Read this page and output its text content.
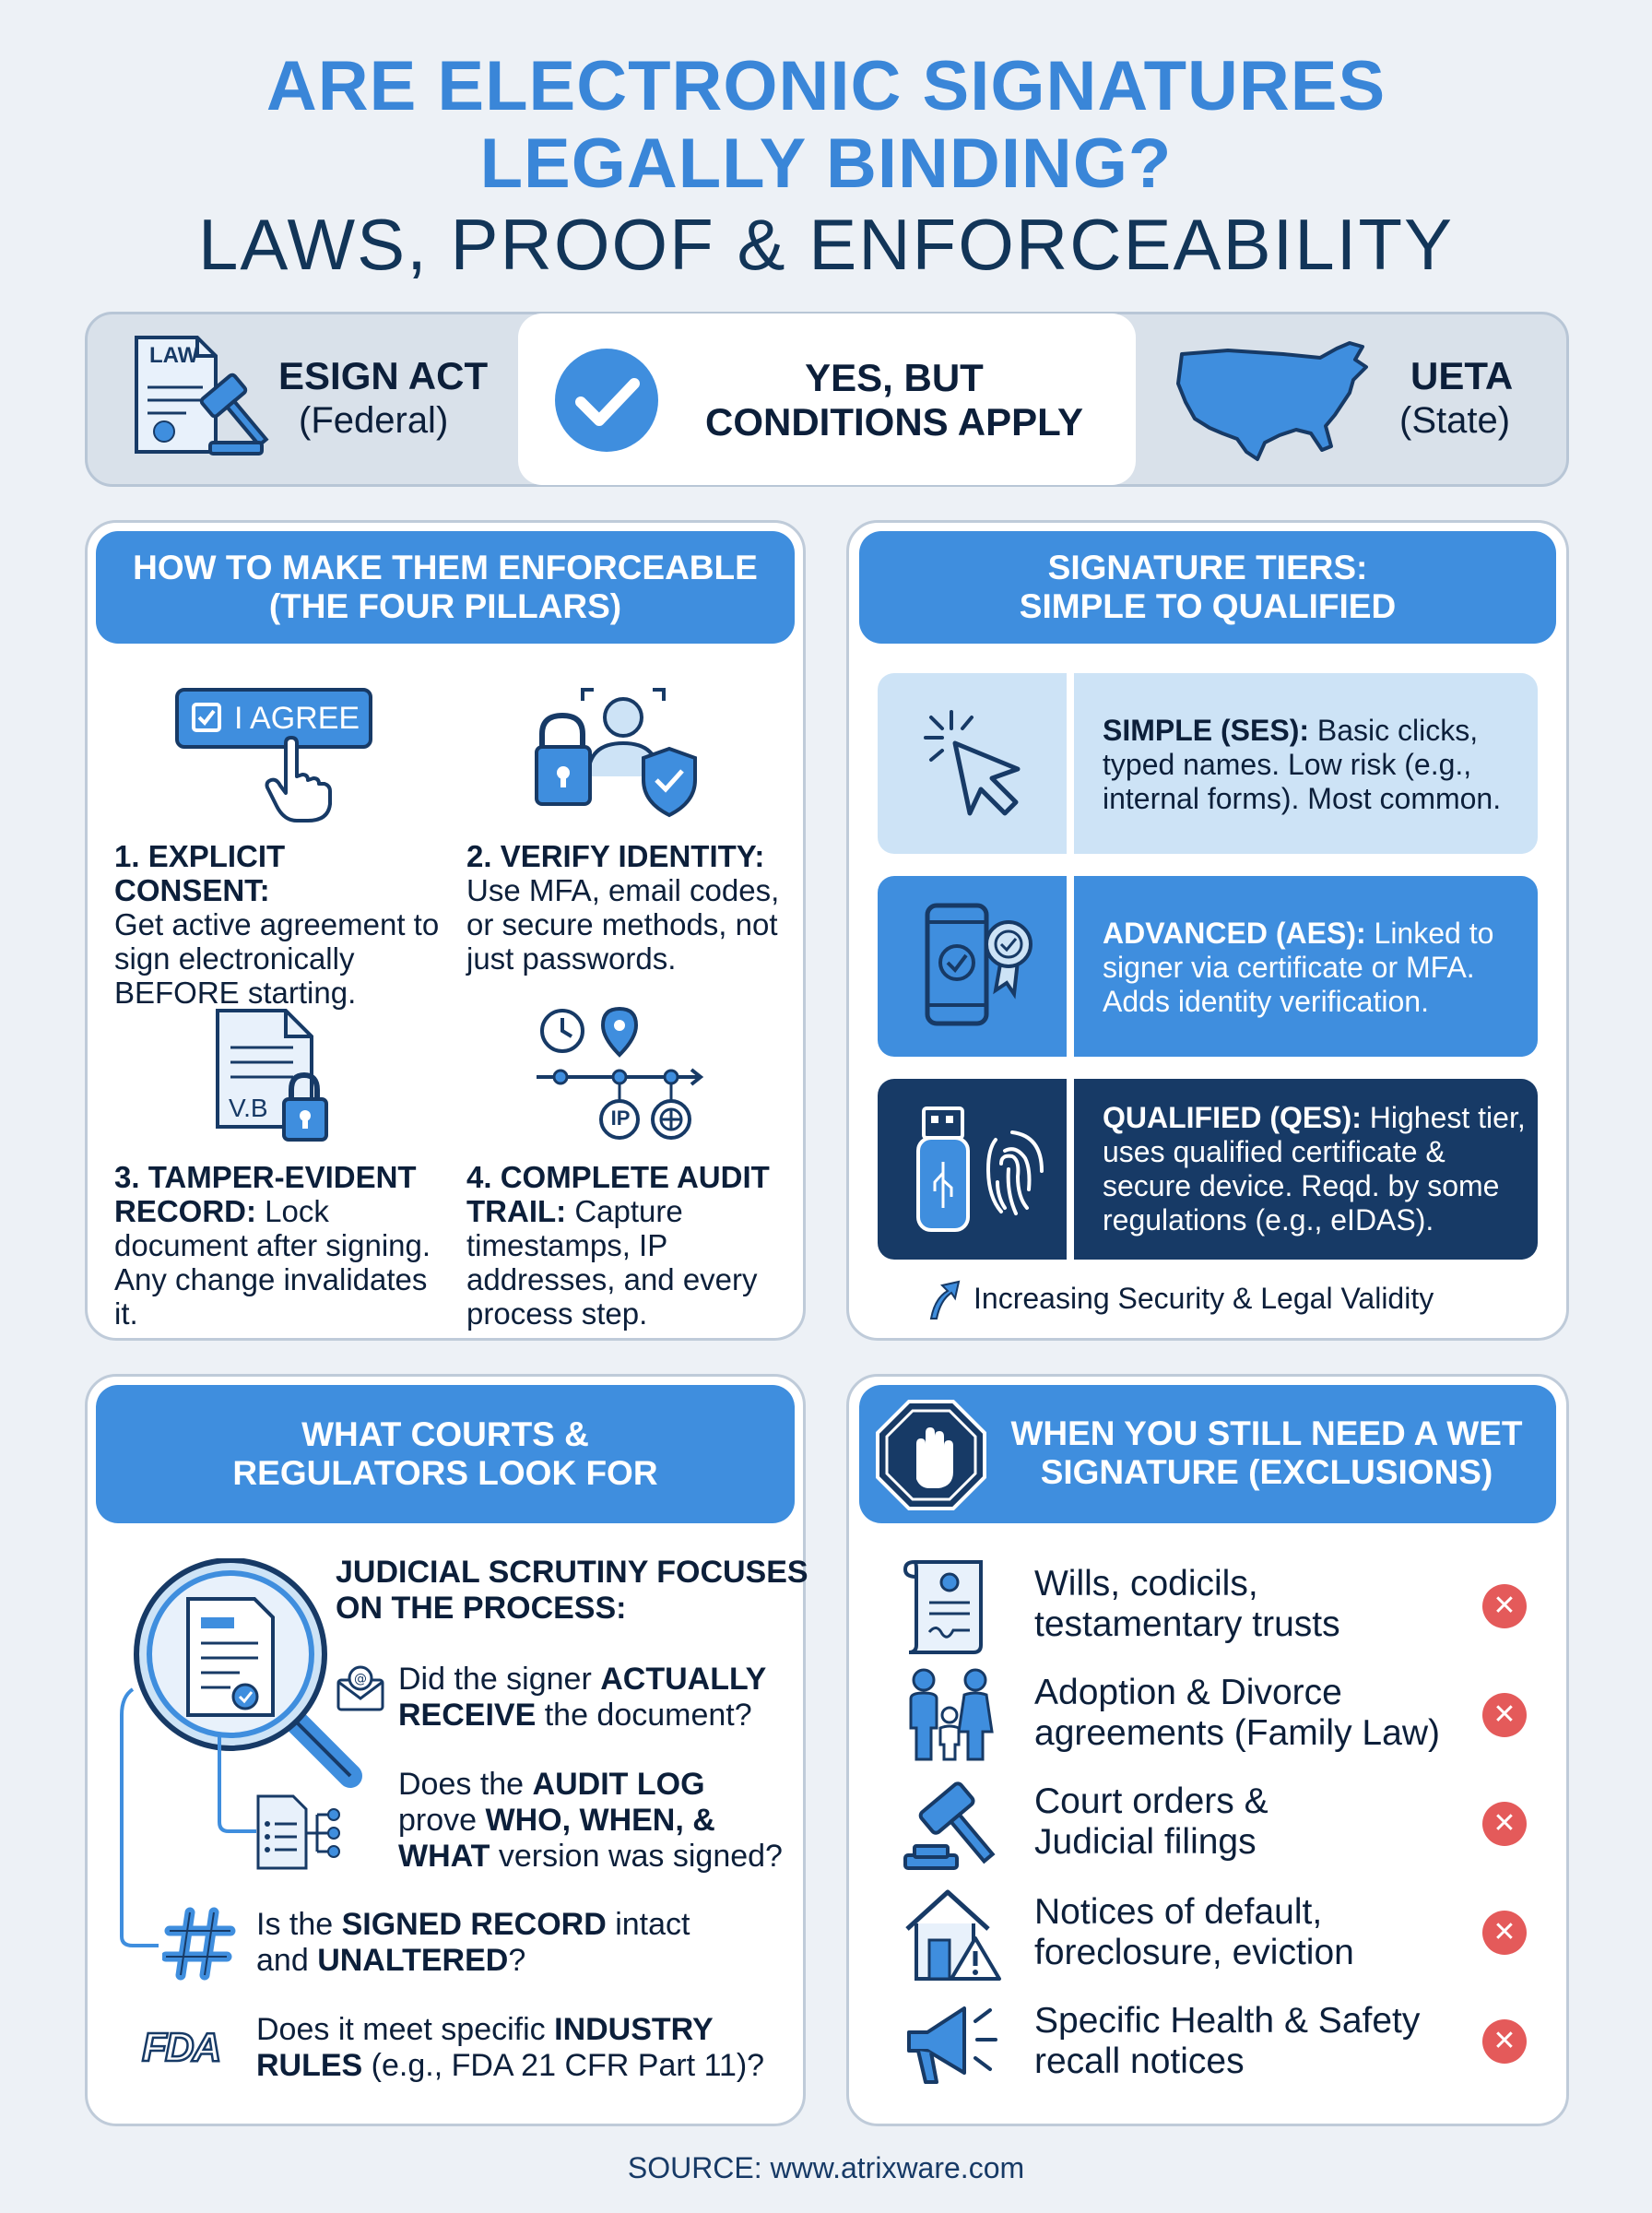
ARE ELECTRONIC SIGNATURES
LEGALLY BINDING?
LAWS, PROOF & ENFORCEABILITY
LAW ESIGN ACT
(Federal)
YES, BUT
CONDITIONS APPLY
UETA
(State)
HOW TO MAKE THEM ENFORCEABLE
(THE FOUR PILLARS)
I AGREE
1. EXPLICIT CONSENT:
Get active agreement to sign electronically BEFORE starting.
2. VERIFY IDENTITY:
Use MFA, email codes, or secure methods, not just passwords.
V.B
3. TAMPER-EVIDENT RECORD: Lock document after signing. Any change invalidates it.
IP
4. COMPLETE AUDIT TRAIL: Capture timestamps, IP addresses, and every process step.
SIGNATURE TIERS:
SIMPLE TO QUALIFIED
SIMPLE (SES): Basic clicks, typed names. Low risk (e.g., internal forms). Most common.
ADVANCED (AES): Linked to signer via certificate or MFA. Adds identity verification.
QUALIFIED (QES): Highest tier, uses qualified certificate & secure device. Reqd. by some regulations (e.g., eIDAS).
Increasing Security & Legal Validity
WHAT COURTS &
REGULATORS LOOK FOR
JUDICIAL SCRUTINY FOCUSES
ON THE PROCESS:
@ Did the signer ACTUALLY RECEIVE the document?
Does the AUDIT LOG prove WHO, WHEN, & WHAT version was signed?
Is the SIGNED RECORD intact and UNALTERED?
FDA	Does it meet specific INDUSTRY RULES (e.g., FDA 21 CFR Part 11)?
WHEN YOU STILL NEED A WET
SIGNATURE (EXCLUSIONS)
Wills, codicils,
testamentary trusts	✕
Adoption & Divorce
agreements (Family Law)	✕
Court orders &
Judicial filings	✕
Notices of default,
foreclosure, eviction
✕
Specific Health & Safety
recall notices
✕
SOURCE: www.atrixware.com
